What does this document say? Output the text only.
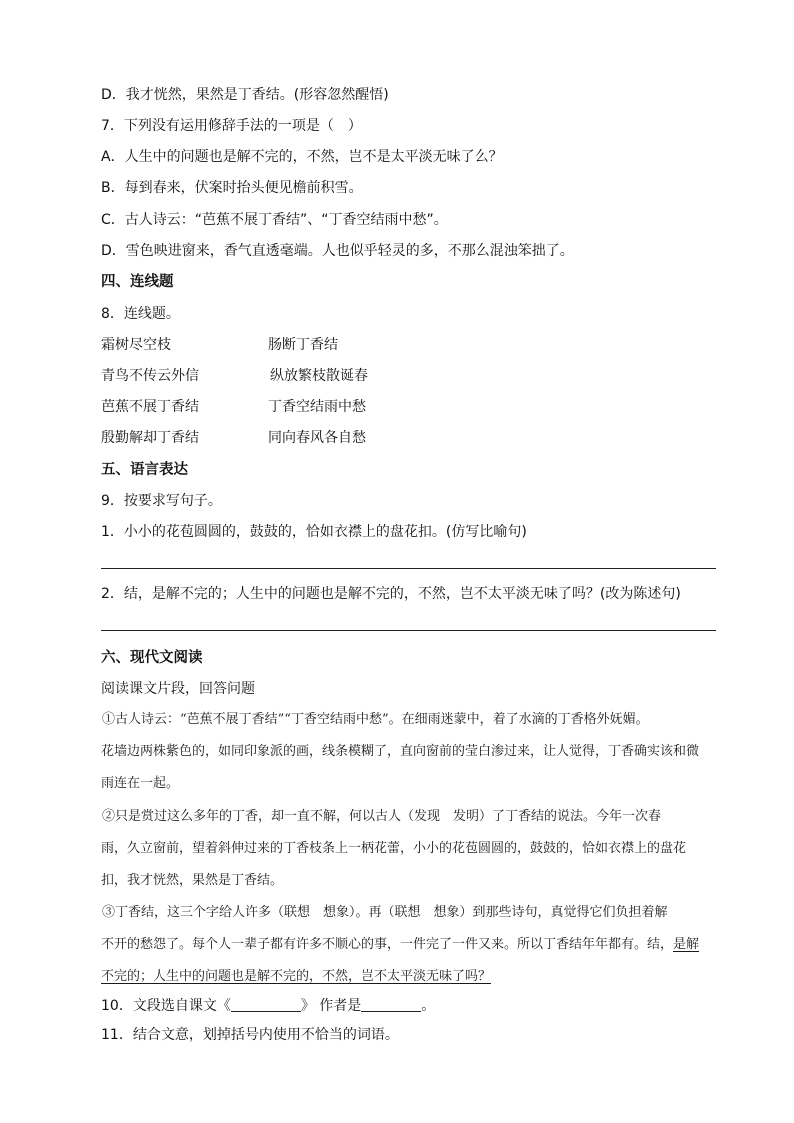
D．我才恍然，果然是丁香结。(形容忽然醒悟)
7．下列没有运用修辞手法的一项是（　）
A．人生中的问题也是解不完的，不然，岂不是太平淡无味了么？
B．每到春来，伏案时抬头便见檐前积雪。
C．古人诗云：“芭蕉不展丁香结”、“丁香空结雨中愁”。
D．雪色映进窗来，香气直透毫端。人也似乎轻灵的多，不那么混浊笨拙了。
四、连线题
8．连线题。
霜树尽空枝	肠断丁香结
青鸟不传云外信	纵放繁枝散诞春
芭蕉不展丁香结	丁香空结雨中愁
殷勤解却丁香结	同向春风各自愁
五、语言表达
9．按要求写句子。
1．小小的花苞圆圆的，鼓鼓的，恰如衣襟上的盘花扣。(仿写比喻句)
2．结，是解不完的；人生中的问题也是解不完的，不然，岂不太平淡无味了吗？(改为陈述句)
六、现代文阅读
阅读课文片段，回答问题
①古人诗云：“芭蕉不展丁香结”“丁香空结雨中愁”。在细雨迷蒙中，着了水滴的丁香格外妩媚。
花墙边两株紫色的，如同印象派的画，线条模糊了，直向窗前的莹白渗过来，让人觉得，丁香确实该和微
雨连在一起。
②只是赏过这么多年的丁香，却一直不解，何以古人（发现　发明）了丁香结的说法。今年一次春
雨，久立窗前，望着斜伸过来的丁香枝条上一柄花蕾，小小的花苞圆圆的，鼓鼓的，恰如衣襟上的盘花
扣，我才恍然，果然是丁香结。
③丁香结，这三个字给人许多（联想　想象）。再（联想　想象）到那些诗句，真觉得它们负担着解
不开的愁怨了。每个人一辈子都有许多不顺心的事，一件完了一件又来。所以丁香结年年都有。结，是解
不完的；人生中的问题也是解不完的，不然，岂不太平淡无味了吗？
10．文段选自课文《	》 作者是	。
11．结合文意，划掉括号内使用不恰当的词语。
